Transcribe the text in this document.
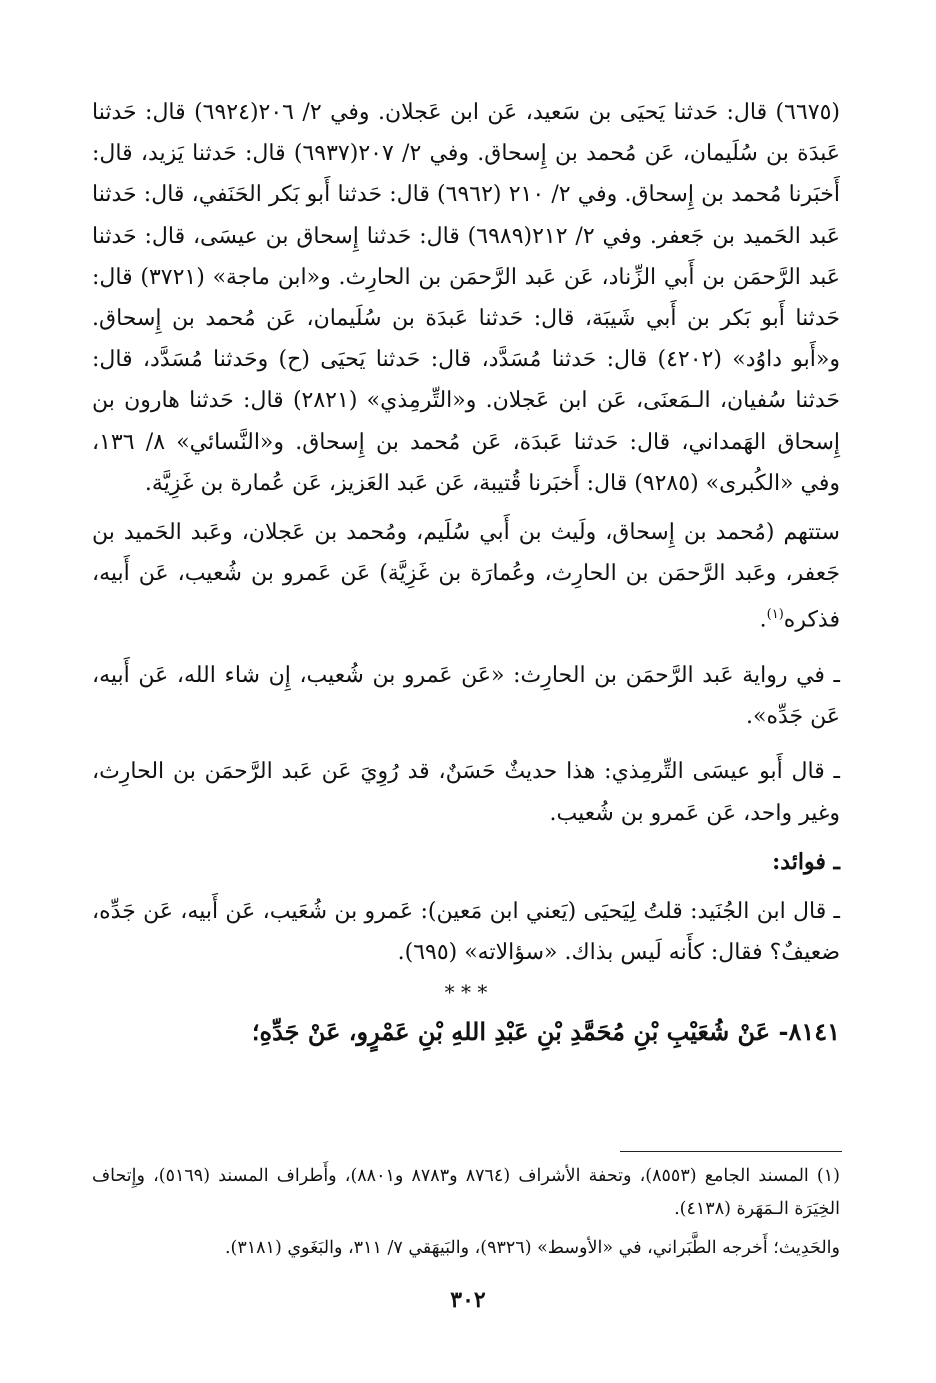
(٦٦٧٥) قال: حَدثنا يَحيَى بن سَعيد، عَن ابن عَجلان. وفي ٢/ ٢٠٦(٦٩٢٤) قال: حَدثنا عَبدَة بن سُلَيمان، عَن مُحمد بن إِسحاق. وفي ٢/ ٢٠٧(٦٩٣٧) قال: حَدثنا يَزيد، قال: أَخبَرنا مُحمد بن إِسحاق. وفي ٢/ ٢١٠ (٦٩٦٢) قال: حَدثنا أَبو بَكر الحَنَفي، قال: حَدثنا عَبد الحَميد بن جَعفر. وفي ٢/ ٢١٢(٦٩٨٩) قال: حَدثنا إِسحاق بن عيسَى، قال: حَدثنا عَبد الرَّحمَن بن أَبي الزِّناد، عَن عَبد الرَّحمَن بن الحارِث. و«ابن ماجة» (٣٧٢١) قال: حَدثنا أَبو بَكر بن أَبي شَيبَة، قال: حَدثنا عَبدَة بن سُلَيمان، عَن مُحمد بن إِسحاق. و«أَبو داوُد» (٤٢٠٢) قال: حَدثنا مُسَدَّد، قال: حَدثنا يَحيَى (ح) وحَدثنا مُسَدَّد، قال: حَدثنا سُفيان، الـمَعنَى، عَن ابن عَجلان. و«التِّرمِذي» (٢٨٢١) قال: حَدثنا هارون بن إِسحاق الهَمداني، قال: حَدثنا عَبدَة، عَن مُحمد بن إِسحاق. و«النَّسائي» ٨/ ١٣٦، وفي «الكُبرى» (٩٢٨٥) قال: أَخبَرنا قُتيبة، عَن عَبد العَزيز، عَن عُمارة بن غَزِيَّة.

ستتهم (مُحمد بن إِسحاق، ولَيث بن أَبي سُلَيم، ومُحمد بن عَجلان، وعَبد الحَميد بن جَعفر، وعَبد الرَّحمَن بن الحارِث، وعُمارَة بن غَزِيَّة) عَن عَمرو بن شُعيب، عَن أَبيه، فذكره$^{(١)}$.

ـ في رواية عَبد الرَّحمَن بن الحارِث: «عَن عَمرو بن شُعيب، إِن شاء الله، عَن أَبيه، عَن جَدِّه».

ـ قال أَبو عيسَى التِّرمِذي: هذا حديثٌ حَسَنٌ، قد رُوِيَ عَن عَبد الرَّحمَن بن الحارِث، وغير واحد، عَن عَمرو بن شُعيب.

ـ فوائد:

ـ قال ابن الجُنَيد: قلتُ لِيَحيَى (يَعني ابن مَعين): عَمرو بن شُعَيب، عَن أَبيه، عَن جَدِّه، ضعيفٌ؟ فقال: كأَنه لَيس بذاك. «سؤالاته» (٦٩٥).

* * *

٨١٤١- عَنْ شُعَيْبِ بْنِ مُحَمَّدِ بْنِ عَبْدِ اللهِ بْنِ عَمْرٍو، عَنْ جَدِّهِ؛

(١) المسند الجامع (٨٥٥٣)، وتحفة الأشراف (٨٧٦٤ و٨٧٨٣ و٨٨٠١)، وأَطراف المسند (٥١٦٩)، وإِتحاف الخِيَرَة الـمَهَرة (٤١٣٨).

والحَدِيث؛ أَخرجه الطَّبَراني، في «الأوسط» (٩٣٢٦)، والبَيهَقي ٧/ ٣١١، والبَغَوي (٣١٨١).

٣٠٢
